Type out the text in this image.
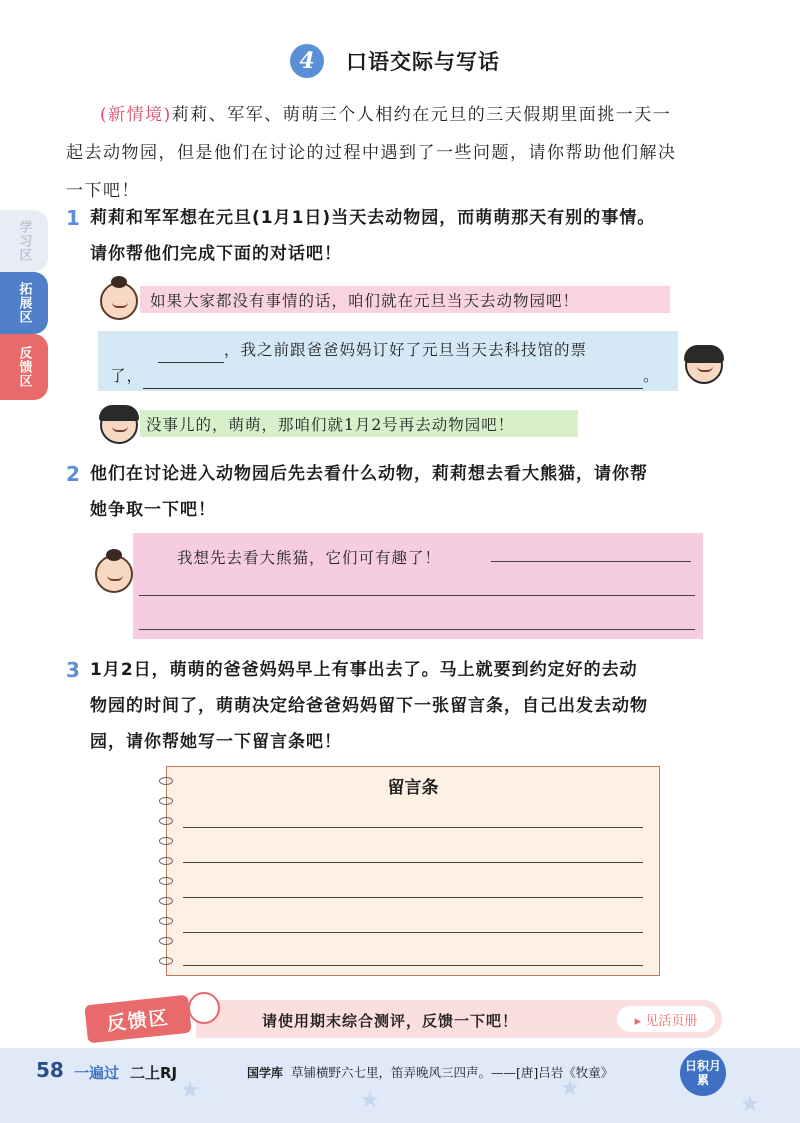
4	口语交际与写话
(新情境)莉莉、军军、萌萌三个人相约在元旦的三天假期里面挑一天一
起去动物园，但是他们在讨论的过程中遇到了一些问题，请你帮助他们解决
一下吧！
学习区
拓展区
反馈区
1 莉莉和军军想在元旦(1月1日)当天去动物园，而萌萌那天有别的事情。
请你帮他们完成下面的对话吧！
如果大家都没有事情的话，咱们就在元旦当天去动物园吧！
，我之前跟爸爸妈妈订好了元旦当天去科技馆的票
了，	。
没事儿的，萌萌，那咱们就1月2号再去动物园吧！
2 他们在讨论进入动物园后先去看什么动物，莉莉想去看大熊猫，请你帮
她争取一下吧！
我想先去看大熊猫，它们可有趣了！
3 1月2日，萌萌的爸爸妈妈早上有事出去了。马上就要到约定好的去动
物园的时间了，萌萌决定给爸爸妈妈留下一张留言条，自己出发去动物
园，请你帮她写一下留言条吧！
留言条
反馈区	请使用期末综合测评，反馈一下吧！	▸ 见活页册
★	★	★
★
58 一遍过 二上RJ	国学库 草铺横野六七里，笛弄晚风三四声。——[唐]吕岩《牧童》	日积月累
